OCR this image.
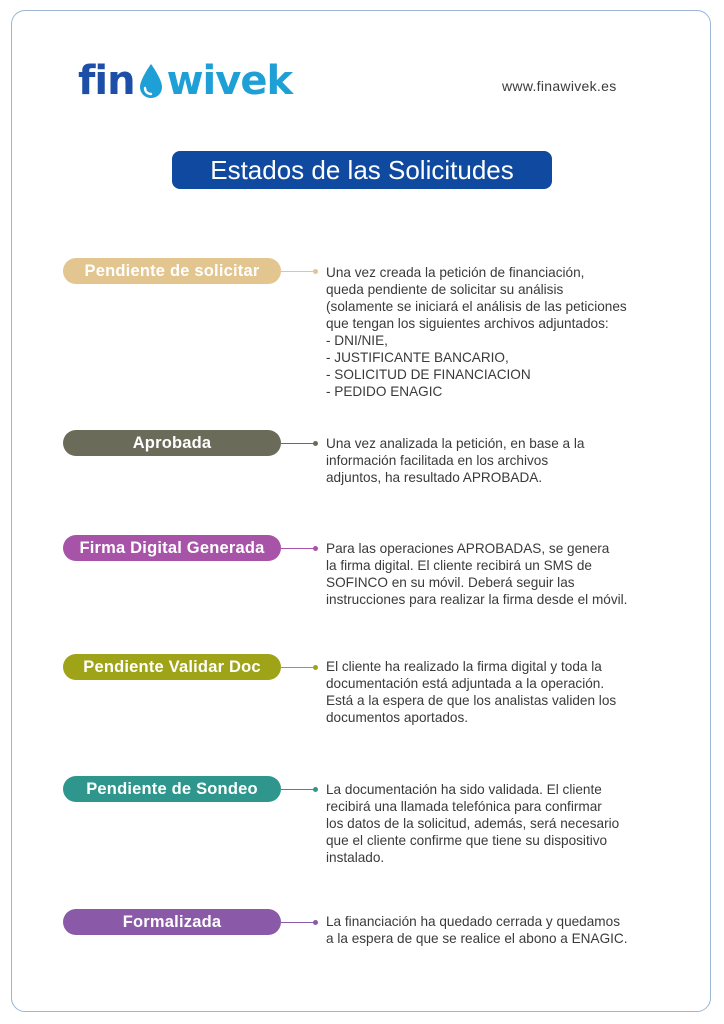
fin wivek	www.finawivek.es
Estados de las Solicitudes
Pendiente de solicitar	Una vez creada la petición de financiación,
queda pendiente de solicitar su análisis
(solamente se iniciará el análisis de las peticiones
que tengan los siguientes archivos adjuntados:
- DNI/NIE,
- JUSTIFICANTE BANCARIO,
- SOLICITUD DE FINANCIACION
- PEDIDO ENAGIC
Aprobada	Una vez analizada la petición, en base a la
información facilitada en los archivos
adjuntos, ha resultado APROBADA.
Firma Digital Generada	Para las operaciones APROBADAS, se genera
la firma digital. El cliente recibirá un SMS de
SOFINCO en su móvil. Deberá seguir las
instrucciones para realizar la firma desde el móvil.
Pendiente Validar Doc	El cliente ha realizado la firma digital y toda la
documentación está adjuntada a la operación.
Está a la espera de que los analistas validen los
documentos aportados.
Pendiente de Sondeo	La documentación ha sido validada. El cliente
recibirá una llamada telefónica para confirmar
los datos de la solicitud, además, será necesario
que el cliente confirme que tiene su dispositivo
instalado.
Formalizada	La financiación ha quedado cerrada y quedamos
a la espera de que se realice el abono a ENAGIC.
